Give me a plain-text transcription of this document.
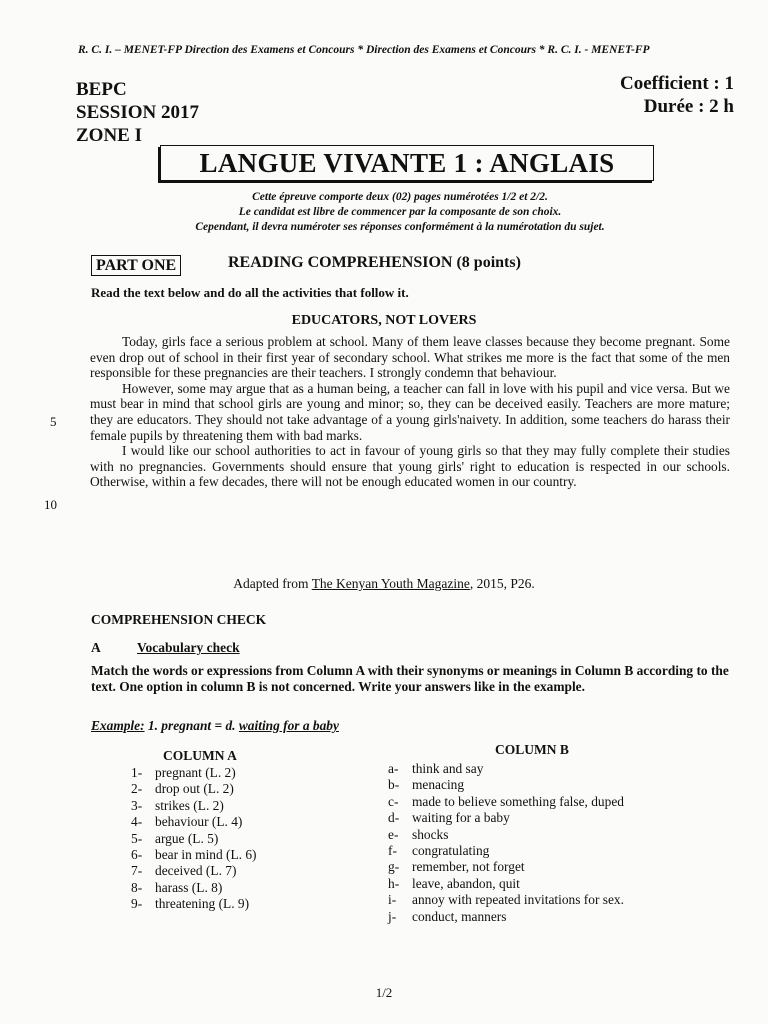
R. C. I. – MENET-FP Direction des Examens et Concours * Direction des Examens et Concours * R. C. I. - MENET-FP
BEPC
SESSION 2017
ZONE I
Coefficient : 1
Durée : 2 h
LANGUE VIVANTE 1 : ANGLAIS
Cette épreuve comporte deux (02) pages numérotées 1/2 et 2/2.
Le candidat est libre de commencer par la composante de son choix.
Cependant, il devra numéroter ses réponses conformément à la numérotation du sujet.
PART ONE	READING COMPREHENSION (8 points)
Read the text below and do all the activities that follow it.
EDUCATORS, NOT LOVERS

Today, girls face a serious problem at school. Many of them leave classes because they become pregnant. Some even drop out of school in their first year of secondary school. What strikes me more is the fact that some of the men responsible for these pregnancies are their teachers. I strongly condemn that behaviour.

However, some may argue that as a human being, a teacher can fall in love with his pupil and vice versa. But we must bear in mind that school girls are young and minor; so, they can be deceived easily. Teachers are more mature; they are educators. They should not take advantage of a young girls'naivety. In addition, some teachers do harass their female pupils by threatening them with bad marks.

I would like our school authorities to act in favour of young girls so that they may fully complete their studies with no pregnancies. Governments should ensure that young girls' right to education is respected in our schools. Otherwise, within a few decades, there will not be enough educated women in our country.

5
10
Adapted from The Kenyan Youth Magazine, 2015, P26.
COMPREHENSION CHECK
A	Vocabulary check
Match the words or expressions from Column A with their synonyms or meanings in Column B according to the text. One option in column B is not concerned. Write your answers like in the example.
Example: 1. pregnant = d. waiting for a baby
COLUMN A	COLUMN B
1- pregnant (L. 2)
2- drop out (L. 2)
3- strikes (L. 2)
4- behaviour (L. 4)
5- argue (L. 5)
6- bear in mind (L. 6)
7- deceived (L. 7)
8- harass (L. 8)
9- threatening (L. 9)
a- think and say
b- menacing
c- made to believe something false, duped
d- waiting for a baby
e- shocks
f- congratulating
g- remember, not forget
h- leave, abandon, quit
i- annoy with repeated invitations for sex.
j- conduct, manners
1/2
